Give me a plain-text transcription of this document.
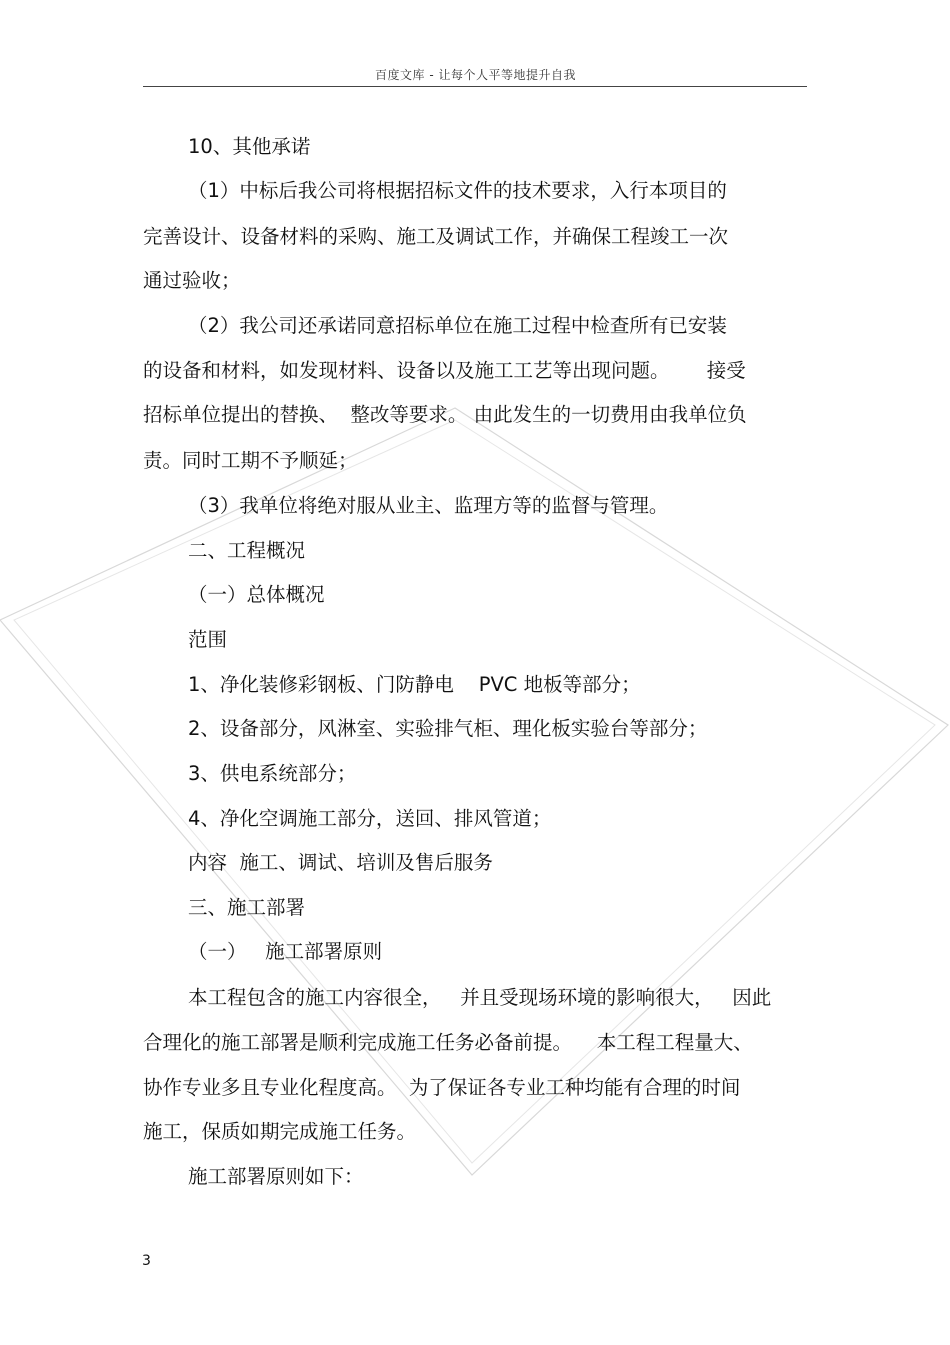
百度文库 - 让每个人平等地提升自我
10、其他承诺
（1）中标后我公司将根据招标文件的技术要求，入行本项目的
完善设计、设备材料的采购、施工及调试工作，并确保工程竣工一次
通过验收；
（2）我公司还承诺同意招标单位在施工过程中检查所有已安装
的设备和材料，如发现材料、设备以及施工工艺等出现问题。      接受
招标单位提出的替换、  整改等要求。 由此发生的一切费用由我单位负
责。同时工期不予顺延；
（3）我单位将绝对服从业主、监理方等的监督与管理。
二、工程概况
（一）总体概况
范围
1、净化装修彩钢板、门防静电    PVC 地板等部分；
2、设备部分，风淋室、实验排气柜、理化板实验台等部分；
3、供电系统部分；
4、净化空调施工部分，送回、排风管道；
内容  施工、调试、培训及售后服务
三、施工部署
（一）   施工部署原则
本工程包含的施工内容很全，   并且受现场环境的影响很大，   因此
合理化的施工部署是顺利完成施工任务必备前提。    本工程工程量大、
协作专业多且专业化程度高。  为了保证各专业工种均能有合理的时间
施工，保质如期完成施工任务。
施工部署原则如下：
3
